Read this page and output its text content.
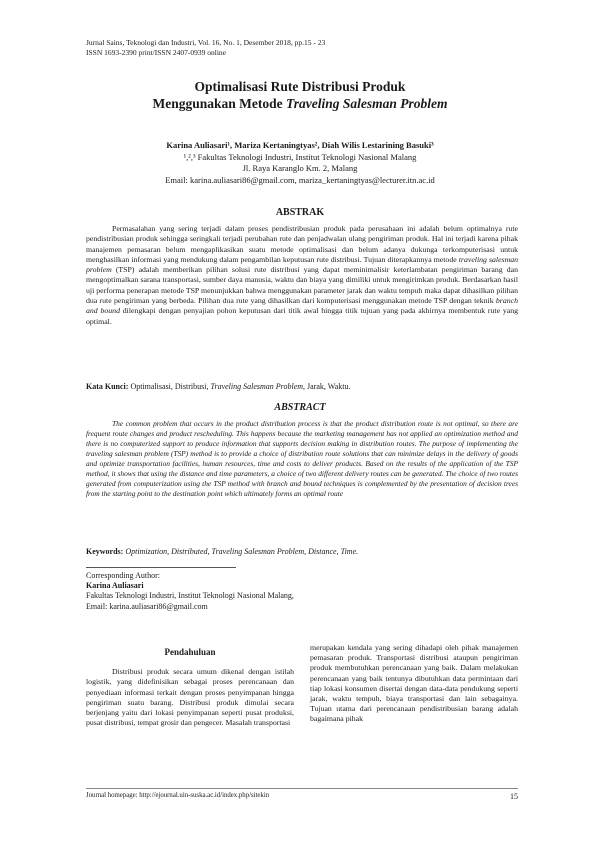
Jurnal Sains, Teknologi dan Industri, Vol. 16, No. 1, Desember 2018, pp.15 - 23
ISSN 1693-2390 print/ISSN 2407-0939 online
Optimalisasi Rute Distribusi Produk
Menggunakan Metode Traveling Salesman Problem
Karina Auliasari¹, Mariza Kertaningtyas², Diah Wilis Lestarining Basuki³
¹,²,³ Fakultas Teknologi Industri, Institut Teknologi Nasional Malang
Jl. Raya Karanglo Km. 2, Malang
Email: karina.auliasari86@gmail.com, mariza_kertaningtyas@lecturer.itn.ac.id
ABSTRAK

Permasalahan yang sering terjadi dalam proses pendistribusian produk pada perusahaan ini adalah belum optimalnya rute pendistribusian produk sehingga seringkali terjadi perubahan rute dan penjadwalan ulang pengiriman produk. Hal ini terjadi karena pihak manajemen pemasaran belum mengaplikasikan suatu metode optimalisasi dan belum adanya dukunga terkomputerisasi untuk menghasilkan informasi yang mendukung dalam pengambilan keputusan rute distribusi. Tujuan diterapkannya metode traveling salesman problem (TSP) adalah memberikan pilihan solusi rute distribusi yang dapat meminimalisir keterlambatan pengiriman barang dan mengoptimalkan sarana transportasi, sumber daya manusia, waktu dan biaya yang dimiliki untuk mengirimkan produk. Berdasarkan hasil uji performa penerapan metode TSP menunjukkan bahwa menggunakan parameter jarak dan waktu tempuh maka dapat dihasilkan pilihan dua rute pengiriman yang berbeda. Pilihan dua rute yang dihasilkan dari komputerisasi menggunakan metode TSP dengan teknik branch and bound dilengkapi dengan penyajian pohon keputusan dari titik awal hingga titik tujuan yang pada akhirnya membentuk rute yang optimal.

Kata Kunci: Optimalisasi, Distribusi, Traveling Salesman Problem, Jarak, Waktu.
ABSTRACT

The common problem that occurs in the product distribution process is that the product distribution route is not optimal, so there are frequent route changes and product rescheduling. This happens because the marketing management has not applied an optimization method and there is no computerized support to produce information that supports decision making in distribution routes. The purpose of implementing the traveling salesman problem (TSP) method is to provide a choice of distribution route solutions that can minimize delays in the delivery of goods and optimize transportation facilities, human resources, time and costs to deliver products. Based on the results of the application of the TSP method, it shows that using the distance and time parameters, a choice of two different delivery routes can be generated. The choice of two routes generated from computerization using the TSP method with branch and bound techniques is complemented by the presentation of decision trees from the starting point to the destination point which ultimately forms an optimal route

Keywords: Optimization, Distributed, Traveling Salesman Problem, Distance, Time.
Corresponding Author:
Karina Auliasari
Fakultas Teknologi Industri, Institut Teknologi Nasional Malang,
Email: karina.auliasari86@gmail.com
Pendahuluan

Distribusi produk secara umum dikenal dengan istilah logistik, yang didefinisikan sebagai proses perencanaan dan penyediaan informasi terkait dengan proses penyimpanan hingga pengiriman suatu barang. Distribusi produk dimulai secara berjenjang yaitu dari lokasi penyimpanan seperti pusat produksi, pusat distribusi, tempat grosir dan pengecer. Masalah transportasi

merupakan kendala yang sering dihadapi oleh pihak manajemen pemasaran produk. Transportasi distribusi ataupun pengiriman produk membutuhkan perencanaan yang baik. Dalam melakukan perencanaan yang baik tentunya dibutuhkan data permintaan dari tiap lokasi konsumen disertai dengan data-data pendukung seperti jarak, waktu tempuh, biaya transportasi dan lain sebagainya. Tujuan utama dari perencanaan pendistribusian barang adalah bagaimana pihak

Journal homepage: http://ejournal.uin-suska.ac.id/index.php/sitekin	15
